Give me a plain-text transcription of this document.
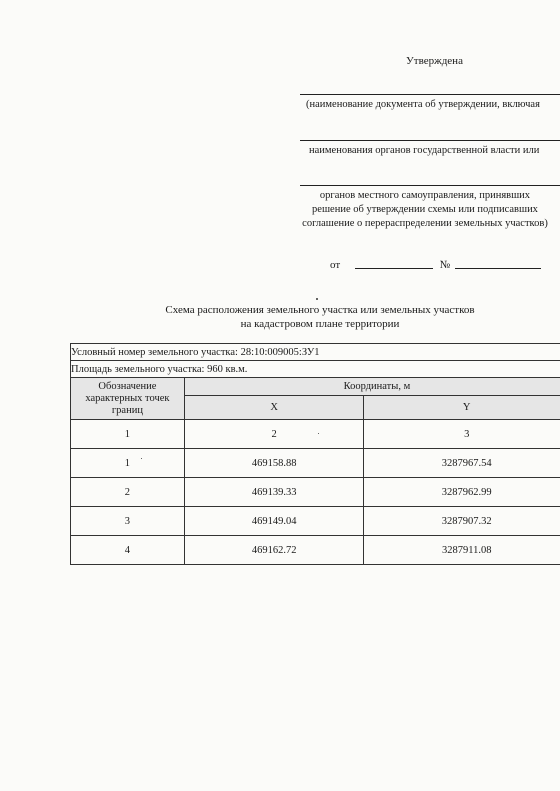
Утверждена
(наименование документа об утверждении, включая
наименования органов государственной власти или
органов местного самоуправления, принявших решение об утверждении схемы или подписавших соглашение о перераспределении земельных участков)
от	№
Схема расположения земельного участка или земельных участков
на кадастровом плане территории
Условный номер земельного участка: 28:10:009005:ЗУ1		
Площадь земельного участка: 960 кв.м.		
Обозначение характерных точек границ	Координаты, м	
	X	Y
1	2	3
1	469158.88	3287967.54
2	469139.33	3287962.99
3	469149.04	3287907.32
4	469162.72	3287911.08
